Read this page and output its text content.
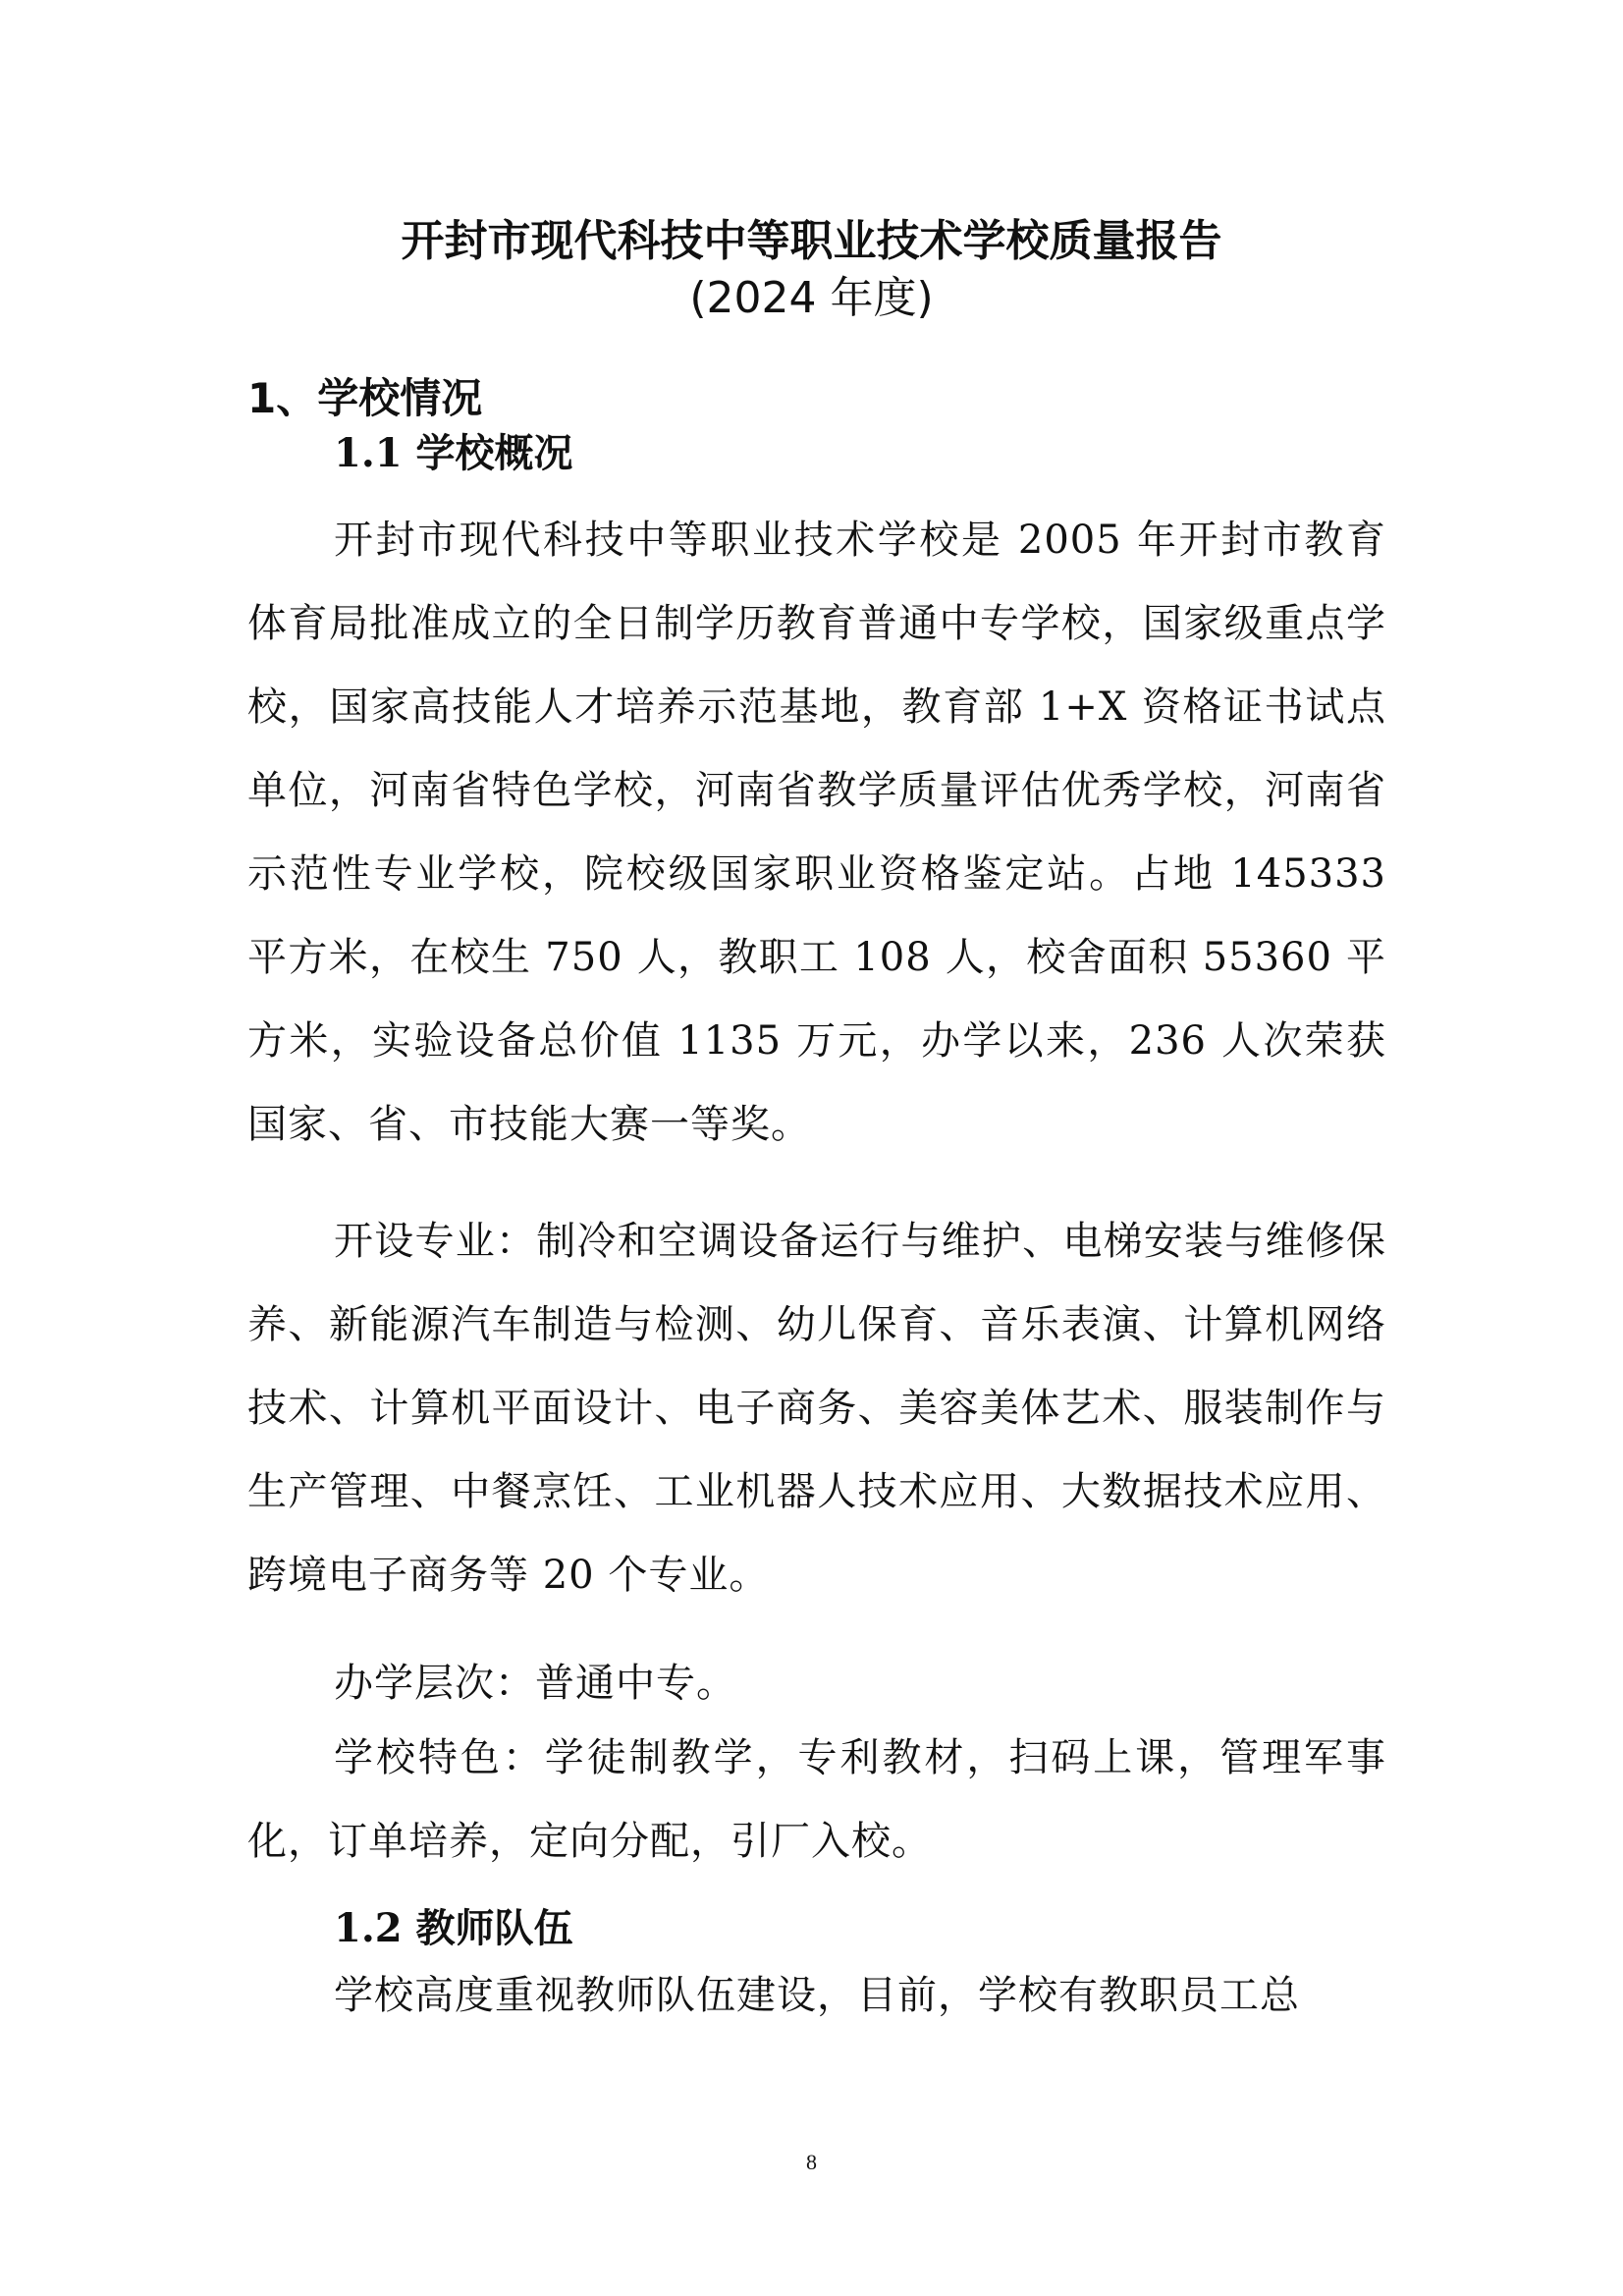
开封市现代科技中等职业技术学校质量报告
(2024 年度)
1、学校情况
1.1 学校概况

开封市现代科技中等职业技术学校是 2005 年开封市教育体育局批准成立的全日制学历教育普通中专学校，国家级重点学校，国家高技能人才培养示范基地，教育部 1+X 资格证书试点单位，河南省特色学校，河南省教学质量评估优秀学校，河南省示范性专业学校，院校级国家职业资格鉴定站。占地 145333 平方米，在校生 750 人，教职工 108 人，校舍面积 55360 平方米，实验设备总价值 1135 万元，办学以来，236 人次荣获国家、省、市技能大赛一等奖。

开设专业：制冷和空调设备运行与维护、电梯安装与维修保养、新能源汽车制造与检测、幼儿保育、音乐表演、计算机网络技术、计算机平面设计、电子商务、美容美体艺术、服装制作与生产管理、中餐烹饪、工业机器人技术应用、大数据技术应用、跨境电子商务等 20 个专业。

办学层次：普通中专。

学校特色：学徒制教学，专利教材，扫码上课，管理军事化，订单培养，定向分配，引厂入校。

1.2 教师队伍

学校高度重视教师队伍建设，目前，学校有教职员工总

8
